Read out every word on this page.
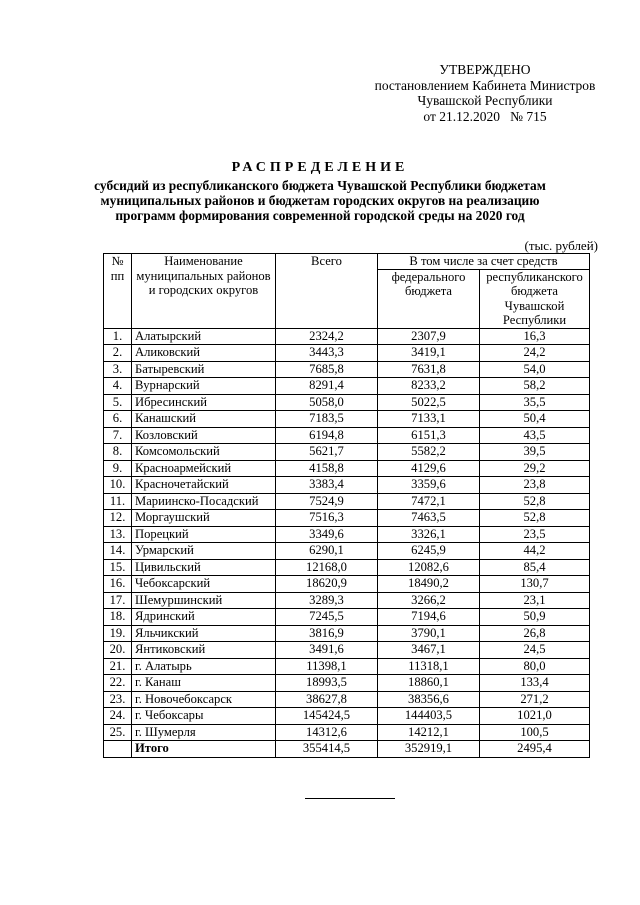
УТВЕРЖДЕНО
постановлением Кабинета Министров
Чувашской Республики
от 21.12.2020   № 715
РАСПРЕДЕЛЕНИЕ
субсидий из республиканского бюджета Чувашской Республики бюджетам
муниципальных районов и бюджетам городских округов на реализацию
программ формирования современной городской среды на 2020 год
(тыс. рублей)
№ пп	Наименование муниципальных районов и городских округов	Всего	В том числе за счет средств	
			федерального бюджета	республиканского бюджета Чувашской Республики
1.	Алатырский	2324,2	2307,9	16,3
2.	Аликовский	3443,3	3419,1	24,2
3.	Батыревский	7685,8	7631,8	54,0
4.	Вурнарский	8291,4	8233,2	58,2
5.	Ибресинский	5058,0	5022,5	35,5
6.	Канашский	7183,5	7133,1	50,4
7.	Козловский	6194,8	6151,3	43,5
8.	Комсомольский	5621,7	5582,2	39,5
9.	Красноармейский	4158,8	4129,6	29,2
10.	Красночетайский	3383,4	3359,6	23,8
11.	Мариинско-Посадский	7524,9	7472,1	52,8
12.	Моргаушский	7516,3	7463,5	52,8
13.	Порецкий	3349,6	3326,1	23,5
14.	Урмарский	6290,1	6245,9	44,2
15.	Цивильский	12168,0	12082,6	85,4
16.	Чебоксарский	18620,9	18490,2	130,7
17.	Шемуршинский	3289,3	3266,2	23,1
18.	Ядринский	7245,5	7194,6	50,9
19.	Яльчикский	3816,9	3790,1	26,8
20.	Янтиковский	3491,6	3467,1	24,5
21.	г. Алатырь	11398,1	11318,1	80,0
22.	г. Канаш	18993,5	18860,1	133,4
23.	г. Новочебоксарск	38627,8	38356,6	271,2
24.	г. Чебоксары	145424,5	144403,5	1021,0
25.	г. Шумерля	14312,6	14212,1	100,5
	Итого	355414,5	352919,1	2495,4
